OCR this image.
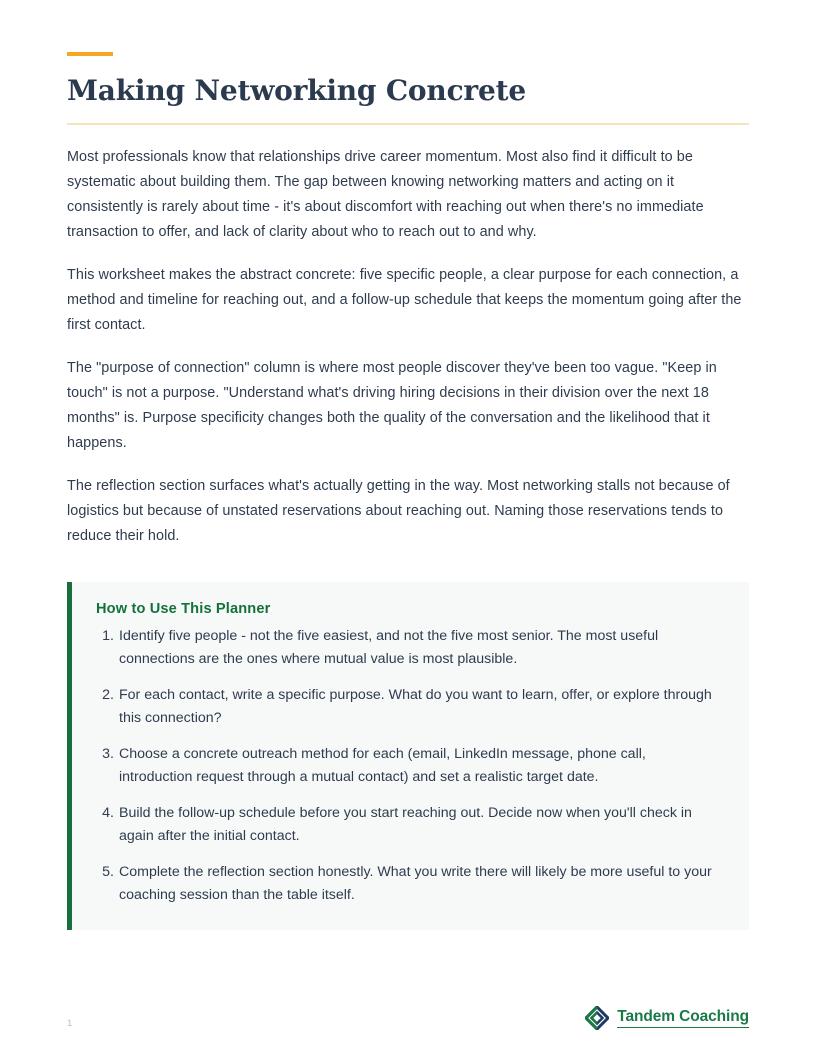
Making Networking Concrete

Most professionals know that relationships drive career momentum. Most also find it difficult to be systematic about building them. The gap between knowing networking matters and acting on it consistently is rarely about time - it's about discomfort with reaching out when there's no immediate transaction to offer, and lack of clarity about who to reach out to and why.

This worksheet makes the abstract concrete: five specific people, a clear purpose for each connection, a method and timeline for reaching out, and a follow-up schedule that keeps the momentum going after the first contact.

The "purpose of connection" column is where most people discover they've been too vague. "Keep in touch" is not a purpose. "Understand what's driving hiring decisions in their division over the next 18 months" is. Purpose specificity changes both the quality of the conversation and the likelihood that it happens.

The reflection section surfaces what's actually getting in the way. Most networking stalls not because of logistics but because of unstated reservations about reaching out. Naming those reservations tends to reduce their hold.

How to Use This Planner
Identify five people - not the five easiest, and not the five most senior. The most useful connections are the ones where mutual value is most plausible.
For each contact, write a specific purpose. What do you want to learn, offer, or explore through this connection?
Choose a concrete outreach method for each (email, LinkedIn message, phone call, introduction request through a mutual contact) and set a realistic target date.
Build the follow-up schedule before you start reaching out. Decide now when you'll check in again after the initial contact.
Complete the reflection section honestly. What you write there will likely be more useful to your coaching session than the table itself.
1	Tandem Coaching
